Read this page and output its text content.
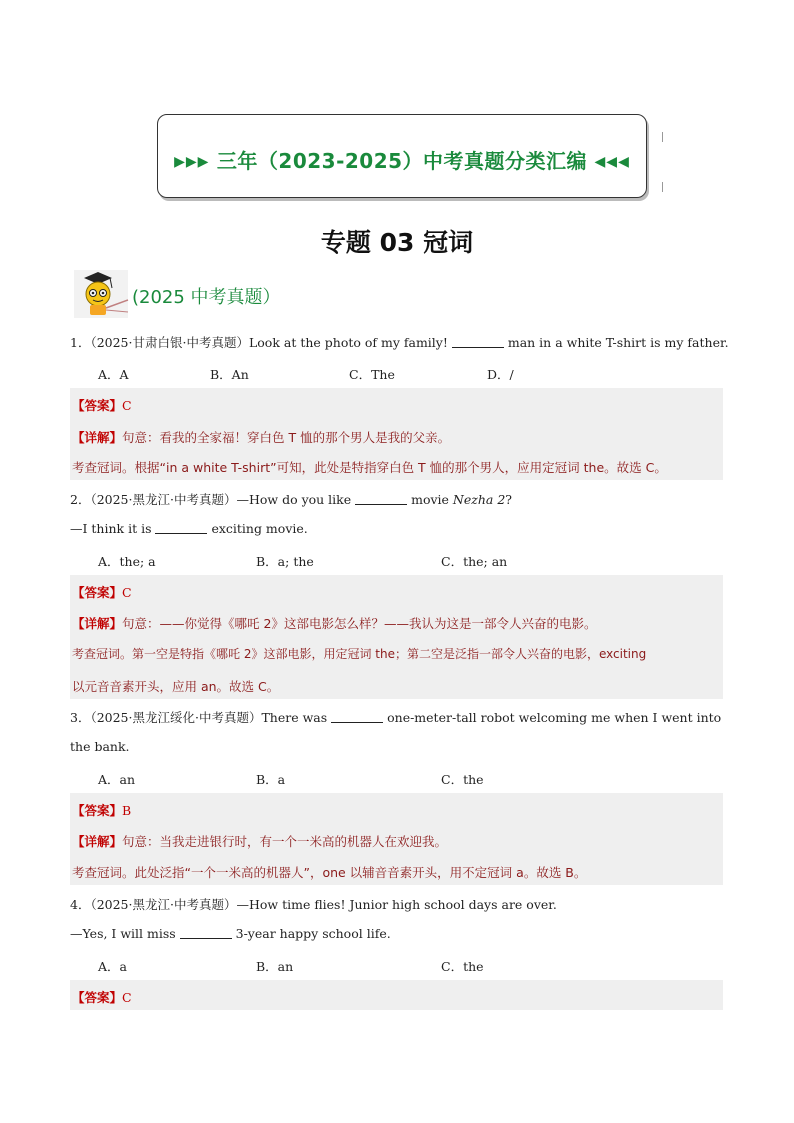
▶▶▶ 三年（2023-2025）中考真题分类汇编 ◀◀◀
专题 03 冠词
(2025 中考真题）
1．（2025·甘肃白银·中考真题）Look at the photo of my family!	man in a white T-shirt is my father.
A．A	B．An	C．The	D．/
【答案】C
【详解】句意：看我的全家福！穿白色 T 恤的那个男人是我的父亲。
考查冠词。根据“in a white T-shirt”可知，此处是特指穿白色 T 恤的那个男人，应用定冠词 the。故选 C。
2．（2025·黑龙江·中考真题）—How do you like	movie Nezha 2?
—I think it is	exciting movie.
A．the; a	B．a; the	C．the; an
【答案】C
【详解】句意：——你觉得《哪吒 2》这部电影怎么样？——我认为这是一部令人兴奋的电影。
考查冠词。第一空是特指《哪吒 2》这部电影，用定冠词 the；第二空是泛指一部令人兴奋的电影，exciting
以元音音素开头，应用 an。故选 C。
3．（2025·黑龙江绥化·中考真题）There was	one-meter-tall robot welcoming me when I went into
the bank.
A．an	B．a	C．the
【答案】B
【详解】句意：当我走进银行时，有一个一米高的机器人在欢迎我。
考查冠词。此处泛指“一个一米高的机器人”，one 以辅音音素开头，用不定冠词 a。故选 B。
4．（2025·黑龙江·中考真题）—How time flies! Junior high school days are over.
—Yes, I will miss	3-year happy school life.
A．a	B．an	C．the
【答案】C
